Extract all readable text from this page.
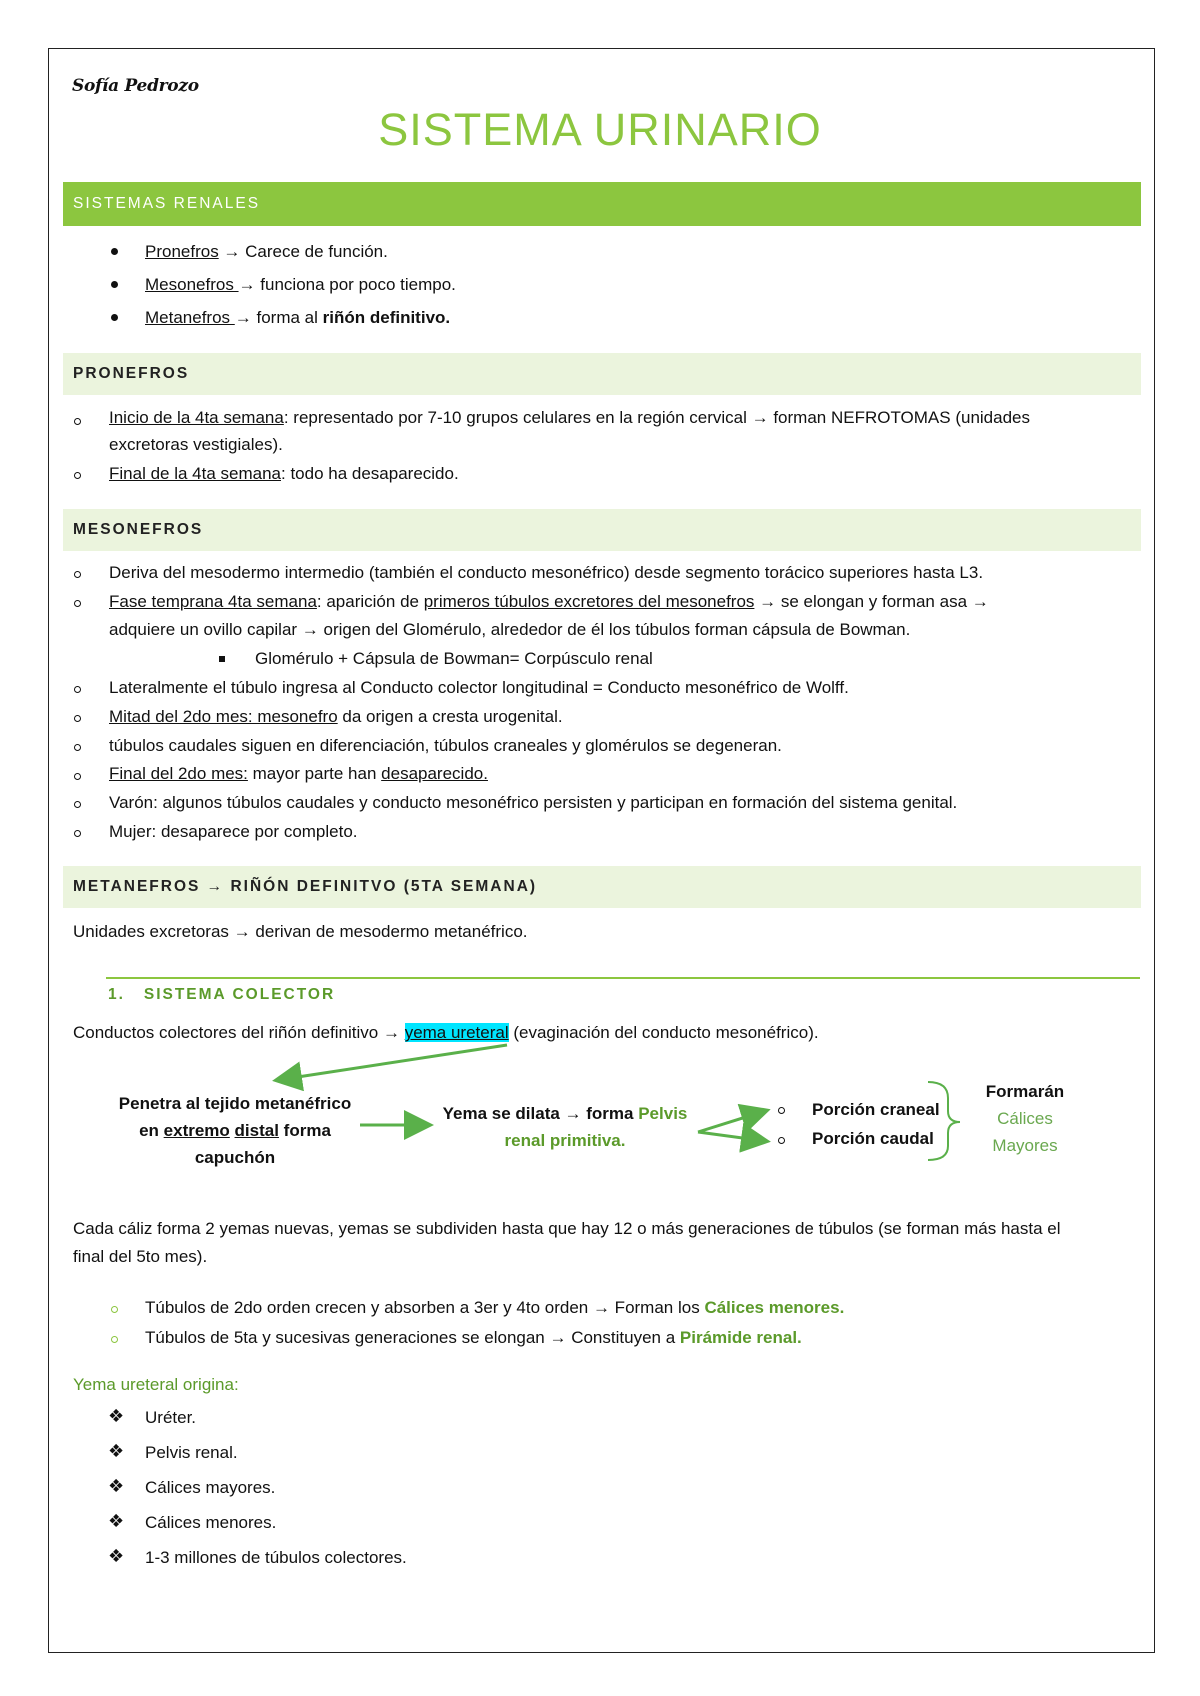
Sofía Pedrozo
SISTEMA URINARIO
SISTEMAS RENALES
Pronefros → Carece de función.
Mesonefros → funciona por poco tiempo.
Metanefros → forma al riñón definitivo.
PRONEFROS
Inicio de la 4ta semana: representado por 7-10 grupos celulares en la región cervical → forman NEFROTOMAS (unidades
excretoras vestigiales).
Final de la 4ta semana: todo ha desaparecido.
MESONEFROS
Deriva del mesodermo intermedio (también el conducto mesonéfrico) desde segmento torácico superiores hasta L3.
Fase temprana 4ta semana: aparición de primeros túbulos excretores del mesonefros → se elongan y forman asa →
adquiere un ovillo capilar → origen del Glomérulo, alrededor de él los túbulos forman cápsula de Bowman.
Glomérulo + Cápsula de Bowman= Corpúsculo renal
Lateralmente el túbulo ingresa al Conducto colector longitudinal = Conducto mesonéfrico de Wolff.
Mitad del 2do mes: mesonefro da origen a cresta urogenital.
túbulos caudales siguen en diferenciación, túbulos craneales y glomérulos se degeneran.
Final del 2do mes: mayor parte han desaparecido.
Varón: algunos túbulos caudales y conducto mesonéfrico persisten y participan en formación del sistema genital.
Mujer: desaparece por completo.
METANEFROS → RIÑÓN DEFINITVO (5TA SEMANA)
Unidades excretoras → derivan de mesodermo metanéfrico.
1. SISTEMA COLECTOR
Conductos colectores del riñón definitivo → yema ureteral (evaginación del conducto mesonéfrico).
Penetra al tejido metanéfrico
en extremo distal forma
capuchón
Yema se dilata → forma Pelvis
renal primitiva.
Porción craneal
Porción caudal
Formarán
Cálices
Mayores
Cada cáliz forma 2 yemas nuevas, yemas se subdividen hasta que hay 12 o más generaciones de túbulos (se forman más hasta el
final del 5to mes).
Túbulos de 2do orden crecen y absorben a 3er y 4to orden → Forman los Cálices menores.
Túbulos de 5ta y sucesivas generaciones se elongan → Constituyen a Pirámide renal.
Yema ureteral origina:
❖ Uréter.
❖ Pelvis renal.
❖ Cálices mayores.
❖ Cálices menores.
❖ 1-3 millones de túbulos colectores.
